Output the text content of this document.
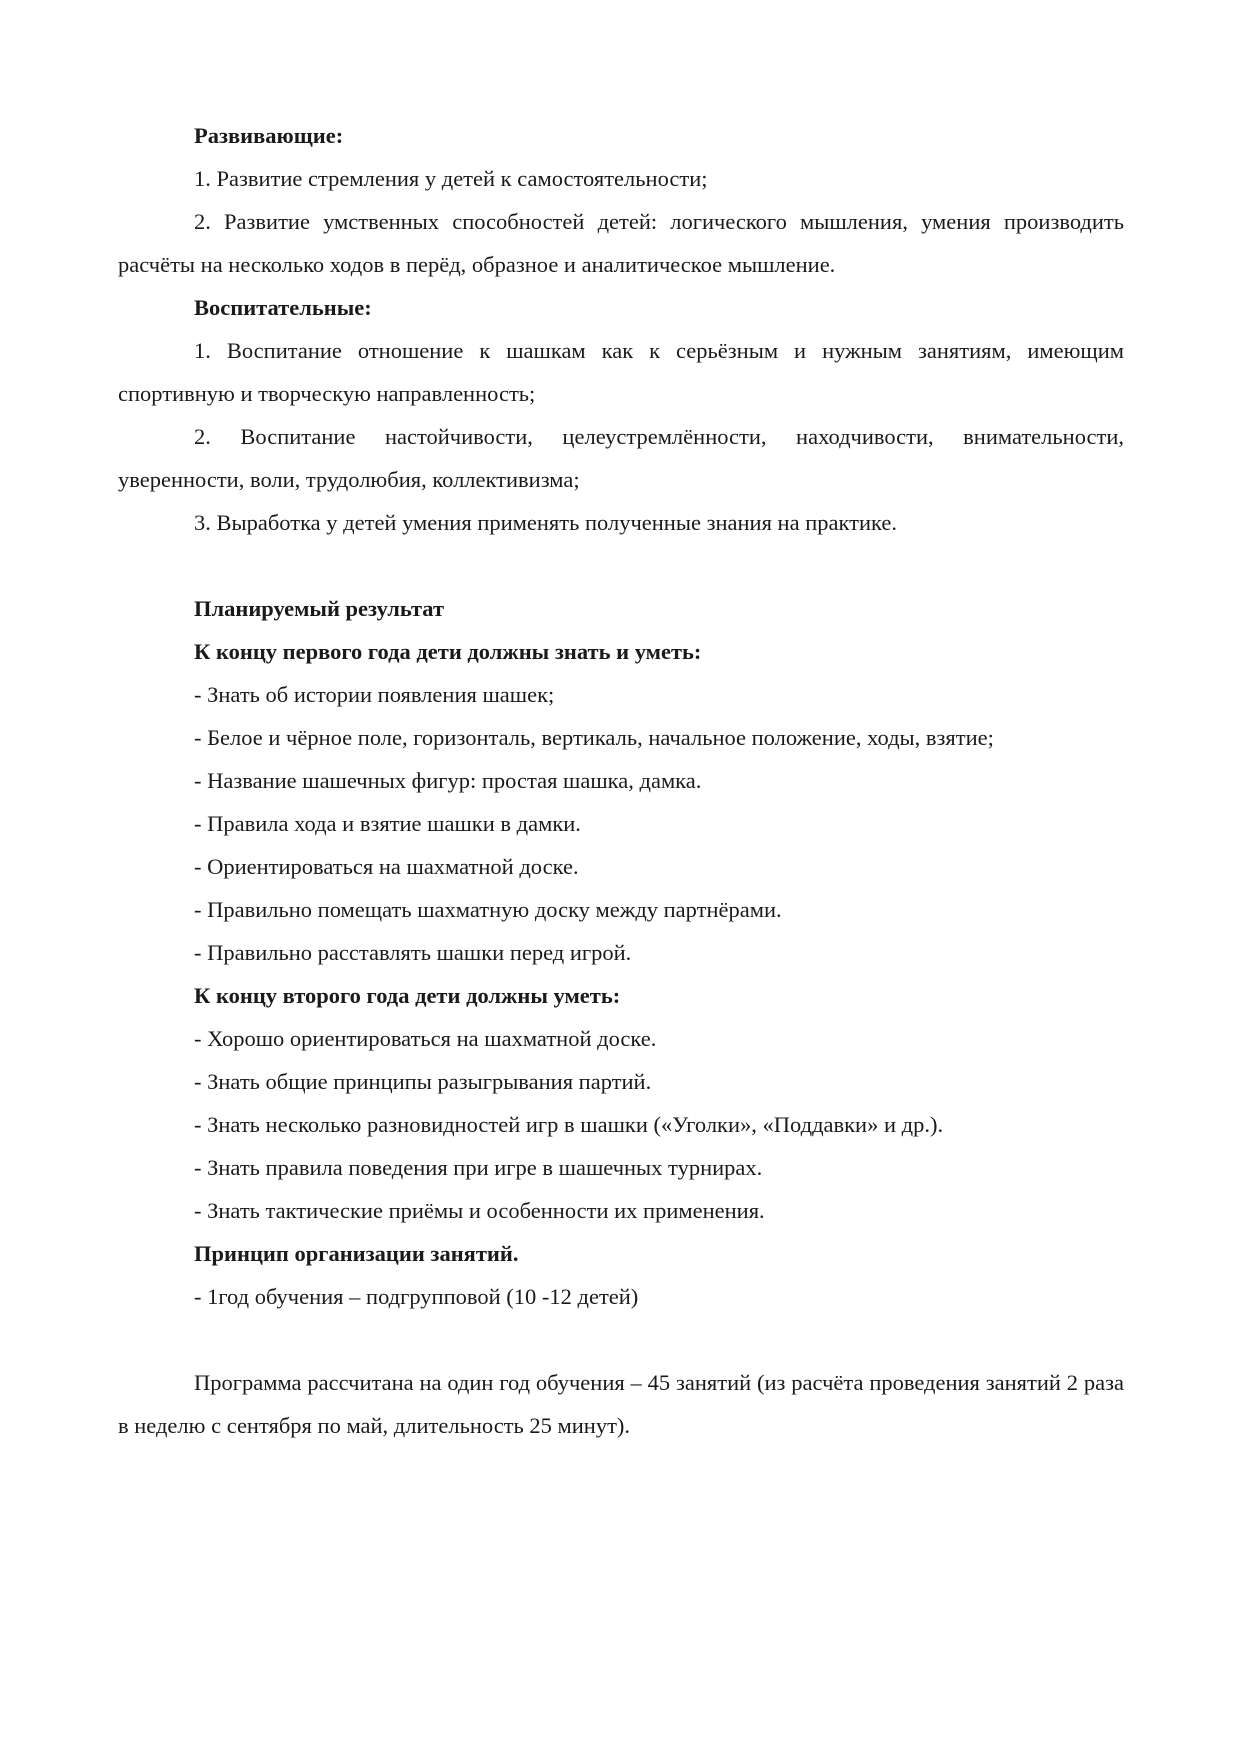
Развивающие:

1. Развитие стремления у детей к самостоятельности;

2. Развитие умственных способностей детей: логического мышления, умения производить расчёты на несколько ходов в перёд, образное и аналитическое мышление.

Воспитательные:

1. Воспитание отношение к шашкам как к серьёзным и нужным занятиям, имеющим спортивную и творческую направленность;

2. Воспитание настойчивости, целеустремлённости, находчивости, внимательности, уверенности, воли, трудолюбия, коллективизма;

3. Выработка у детей умения применять полученные знания на практике.

Планируемый результат

К концу первого года дети должны знать и уметь:

- Знать об истории появления шашек;

- Белое и чёрное поле, горизонталь, вертикаль, начальное положение, ходы, взятие;

- Название шашечных фигур: простая шашка, дамка.

- Правила хода и взятие шашки в дамки.

- Ориентироваться на шахматной доске.

- Правильно помещать шахматную доску между партнёрами.

- Правильно расставлять шашки перед игрой.

К концу второго года дети должны уметь:

- Хорошо ориентироваться на шахматной доске.

- Знать общие принципы разыгрывания партий.

- Знать несколько разновидностей игр в шашки («Уголки», «Поддавки» и др.).

- Знать правила поведения при игре в шашечных турнирах.

- Знать тактические приёмы и особенности их применения.

Принцип организации занятий.

- 1год обучения – подгрупповой (10 -12 детей)

Программа рассчитана на один год обучения – 45 занятий (из расчёта проведения занятий 2 раза в неделю с сентября по май, длительность 25 минут).
